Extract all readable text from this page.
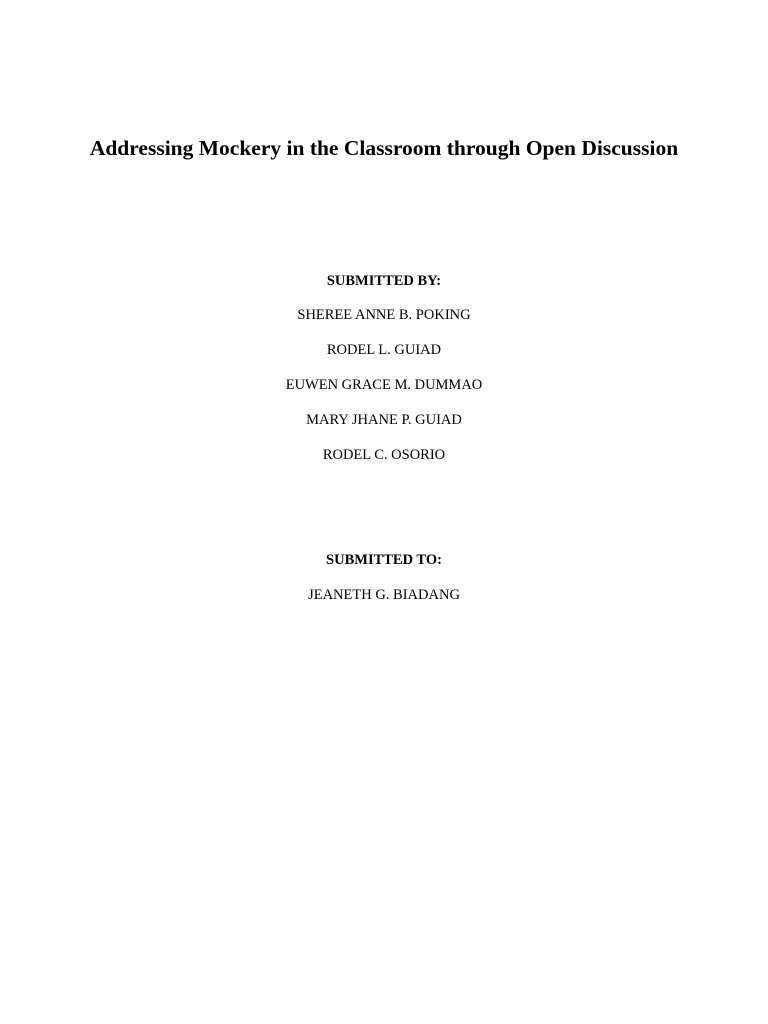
Addressing Mockery in the Classroom through Open Discussion

SUBMITTED BY:

SHEREE ANNE B. POKING

RODEL L. GUIAD

EUWEN GRACE M. DUMMAO

MARY JHANE P. GUIAD

RODEL C. OSORIO

SUBMITTED TO:

JEANETH G. BIADANG
